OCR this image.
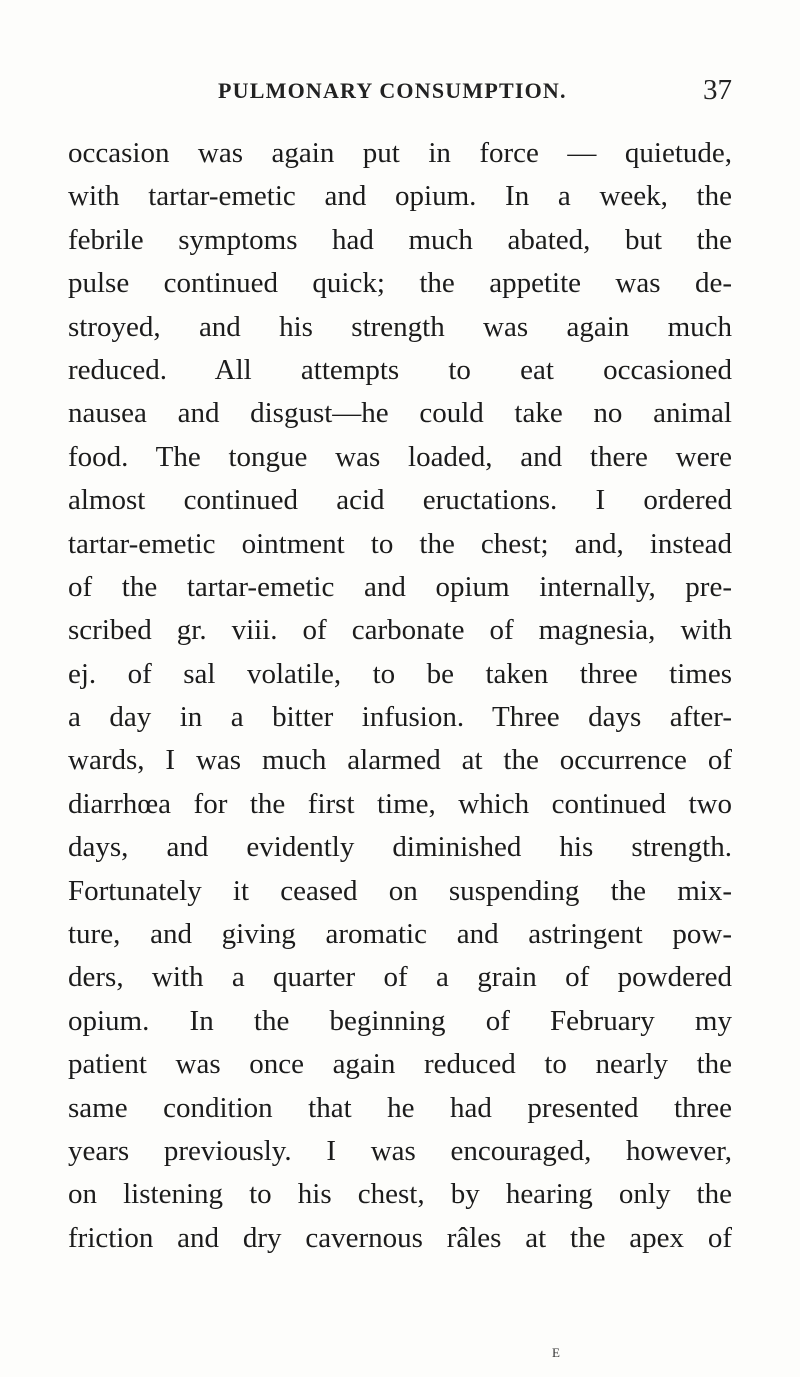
PULMONARY CONSUMPTION.	37
occasion was again put in force — quietude,
with tartar-emetic and opium. In a week, the
febrile symptoms had much abated, but the
pulse continued quick; the appetite was de-
stroyed, and his strength was again much
reduced. All attempts to eat occasioned
nausea and disgust—he could take no animal
food. The tongue was loaded, and there were
almost continued acid eructations. I ordered
tartar-emetic ointment to the chest; and, instead
of the tartar-emetic and opium internally, pre-
scribed gr. viii. of carbonate of magnesia, with
ej. of sal volatile, to be taken three times
a day in a bitter infusion. Three days after-
wards, I was much alarmed at the occurrence of
diarrhœa for the first time, which continued two
days, and evidently diminished his strength.
Fortunately it ceased on suspending the mix-
ture, and giving aromatic and astringent pow-
ders, with a quarter of a grain of powdered
opium. In the beginning of February my
patient was once again reduced to nearly the
same condition that he had presented three
years previously. I was encouraged, however,
on listening to his chest, by hearing only the
friction and dry cavernous râles at the apex of
E
